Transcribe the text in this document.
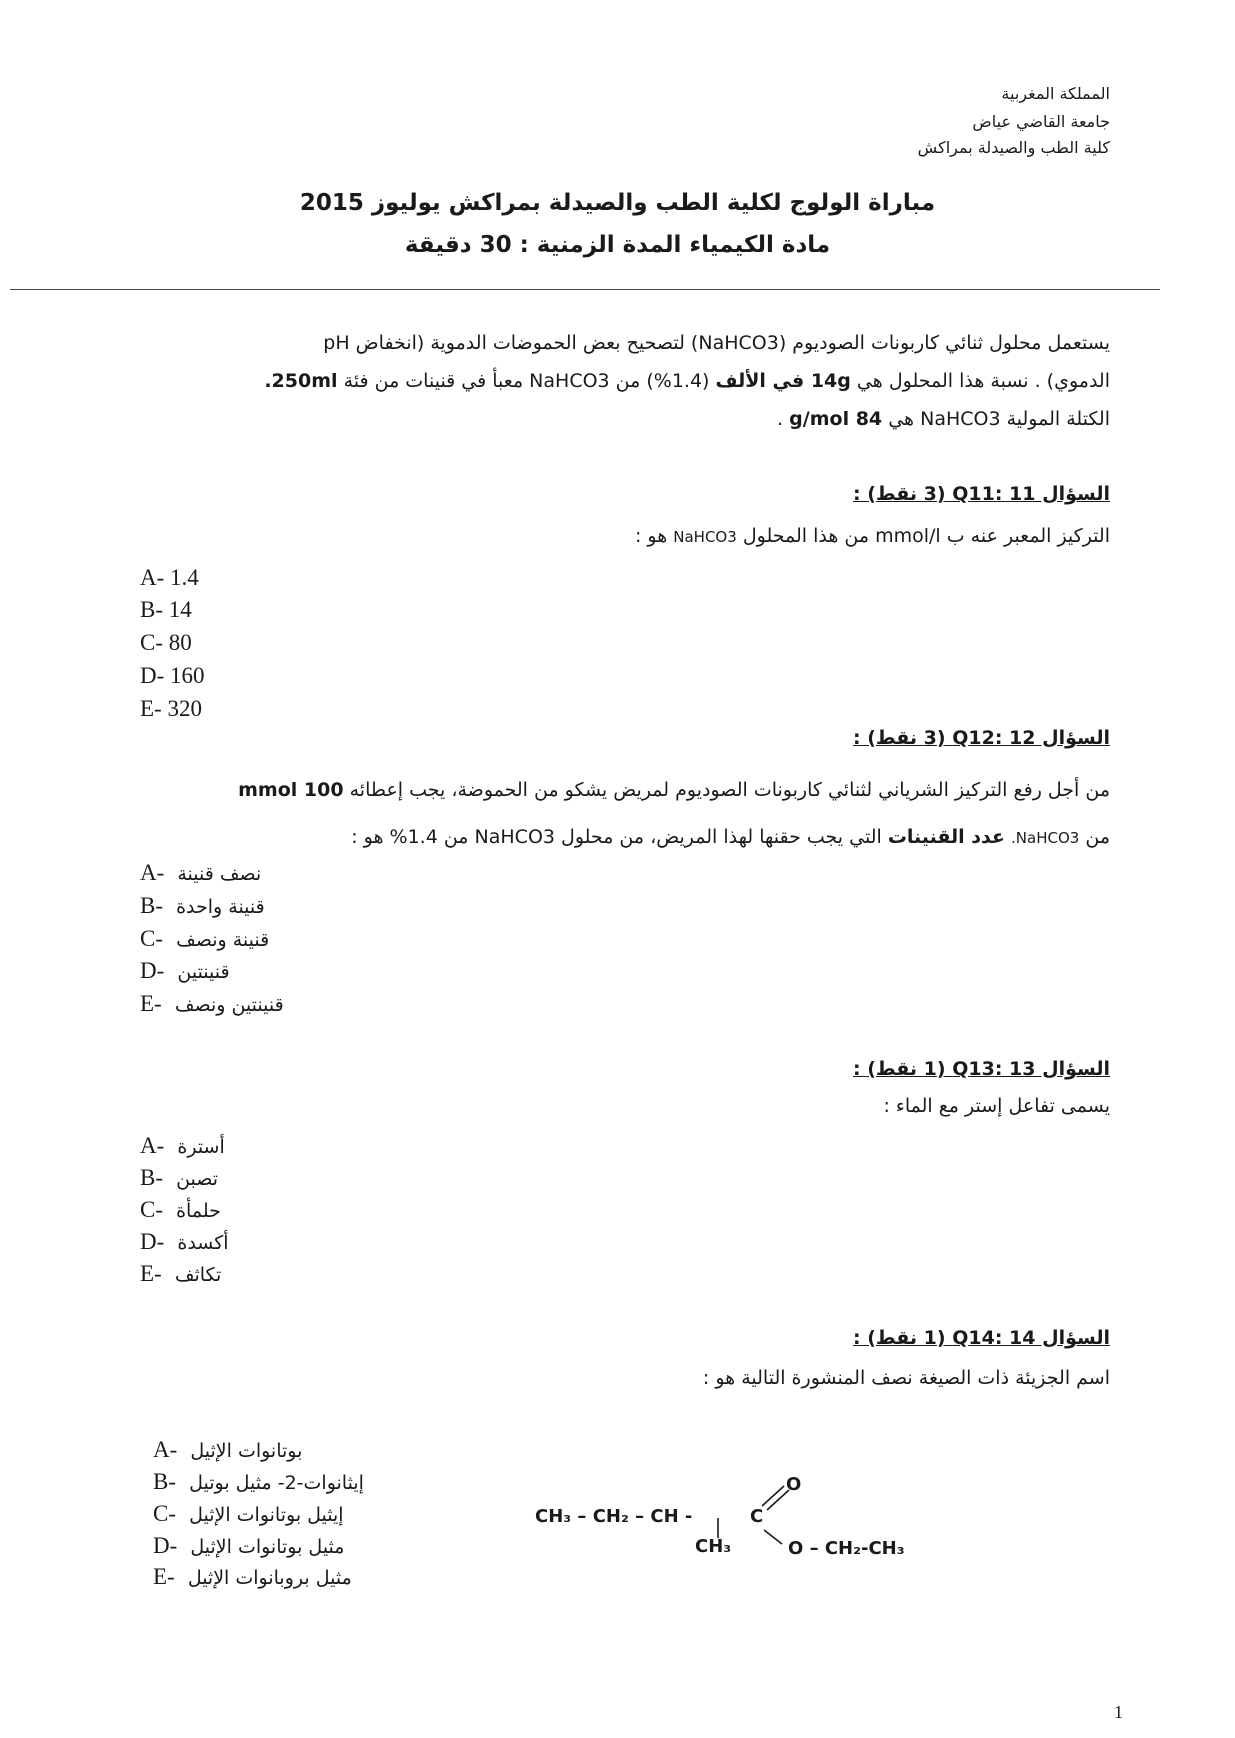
المملكة المغربية
جامعة القاضي عياض
كلية الطب والصيدلة بمراكش
مباراة الولوج لكلية الطب والصيدلة بمراكش يوليوز 2015
مادة الكيمياء المدة الزمنية : 30 دقيقة
يستعمل محلول ثنائي كاربونات الصوديوم (NaHCO3) لتصحيح بعض الحموضات الدموية (انخفاض pH
الدموي) . نسبة هذا المحلول هي 14g في الألف (1.4%) من NaHCO3 معبأ في قنينات من فئة 250ml.
الكتلة المولية NaHCO3 هي 84 g/mol .
السؤال 11 :Q11 (3 نقط) :
التركيز المعبر عنه ب mmol/l من هذا المحلول NaHCO3 هو :
A- 1.4
B- 14
C- 80
D- 160
E- 320
السؤال 12 :Q12 (3 نقط) :
من أجل رفع التركيز الشرياني لثنائي كاربونات الصوديوم لمريض يشكو من الحموضة، يجب إعطائه 100 mmol
من NaHCO3. عدد القنينات التي يجب حقنها لهذا المريض، من محلول NaHCO3 من 1.4% هو :
A- نصف قنينة
B- قنينة واحدة
C- قنينة ونصف
D- قنينتين
E- قنينتين ونصف
السؤال 13 :Q13 (1 نقط) :
يسمى تفاعل إستر مع الماء :
A- أسترة
B- تصبن
C- حلمأة
D- أكسدة
E- تكاثف
السؤال 14 :Q14 (1 نقط) :
اسم الجزيئة ذات الصيغة نصف المنشورة التالية هو :
A- بوتانوات الإثيل
B- إيثانوات-2- مثيل بوتيل
C- إيثيل بوتانوات الإثيل
D- مثيل بوتانوات الإثيل
E- مثيل بروبانوات الإثيل
CH₃ – CH₂ – CH -	C
O
CH₃	O – CH₂-CH₃
1
